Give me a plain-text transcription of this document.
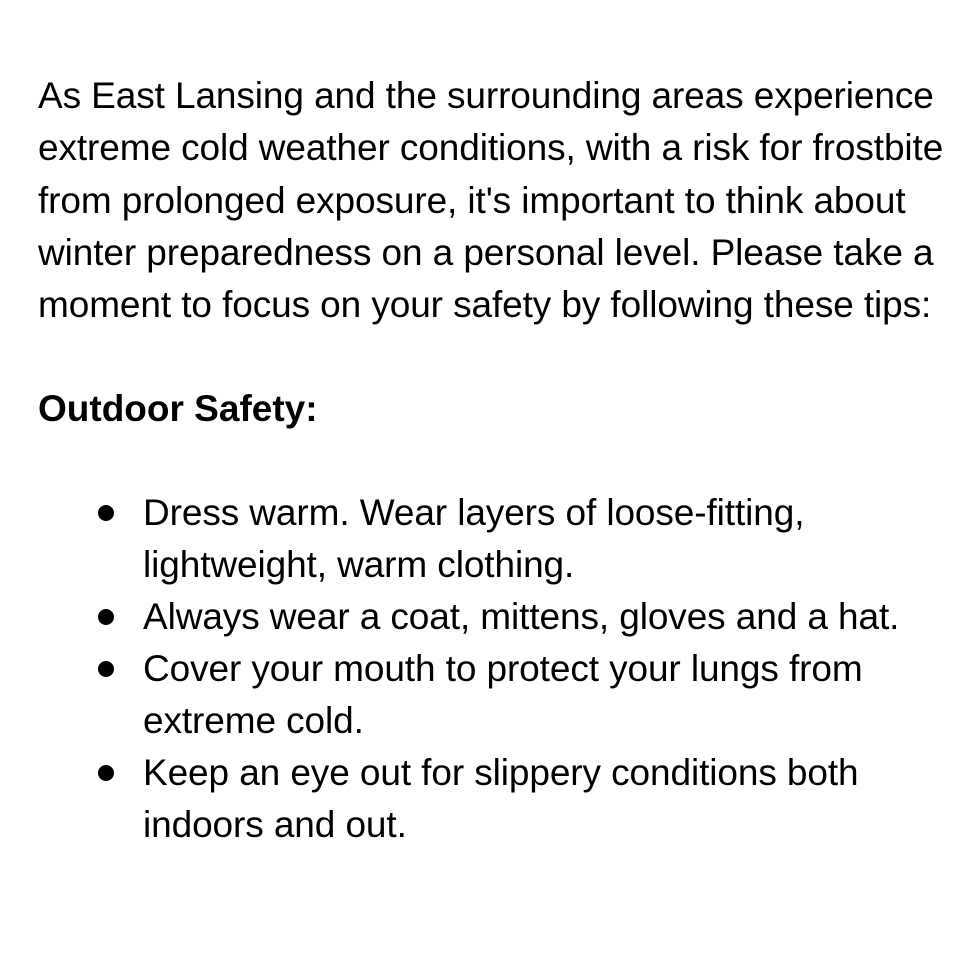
As East Lansing and the surrounding areas experience extreme cold weather conditions, with a risk for frostbite from prolonged exposure, it's important to think about winter preparedness on a personal level. Please take a moment to focus on your safety by following these tips:

Outdoor Safety:
Dress warm. Wear layers of loose-fitting, lightweight, warm clothing.
Always wear a coat, mittens, gloves and a hat.
Cover your mouth to protect your lungs from extreme cold.
Keep an eye out for slippery conditions both indoors and out.
